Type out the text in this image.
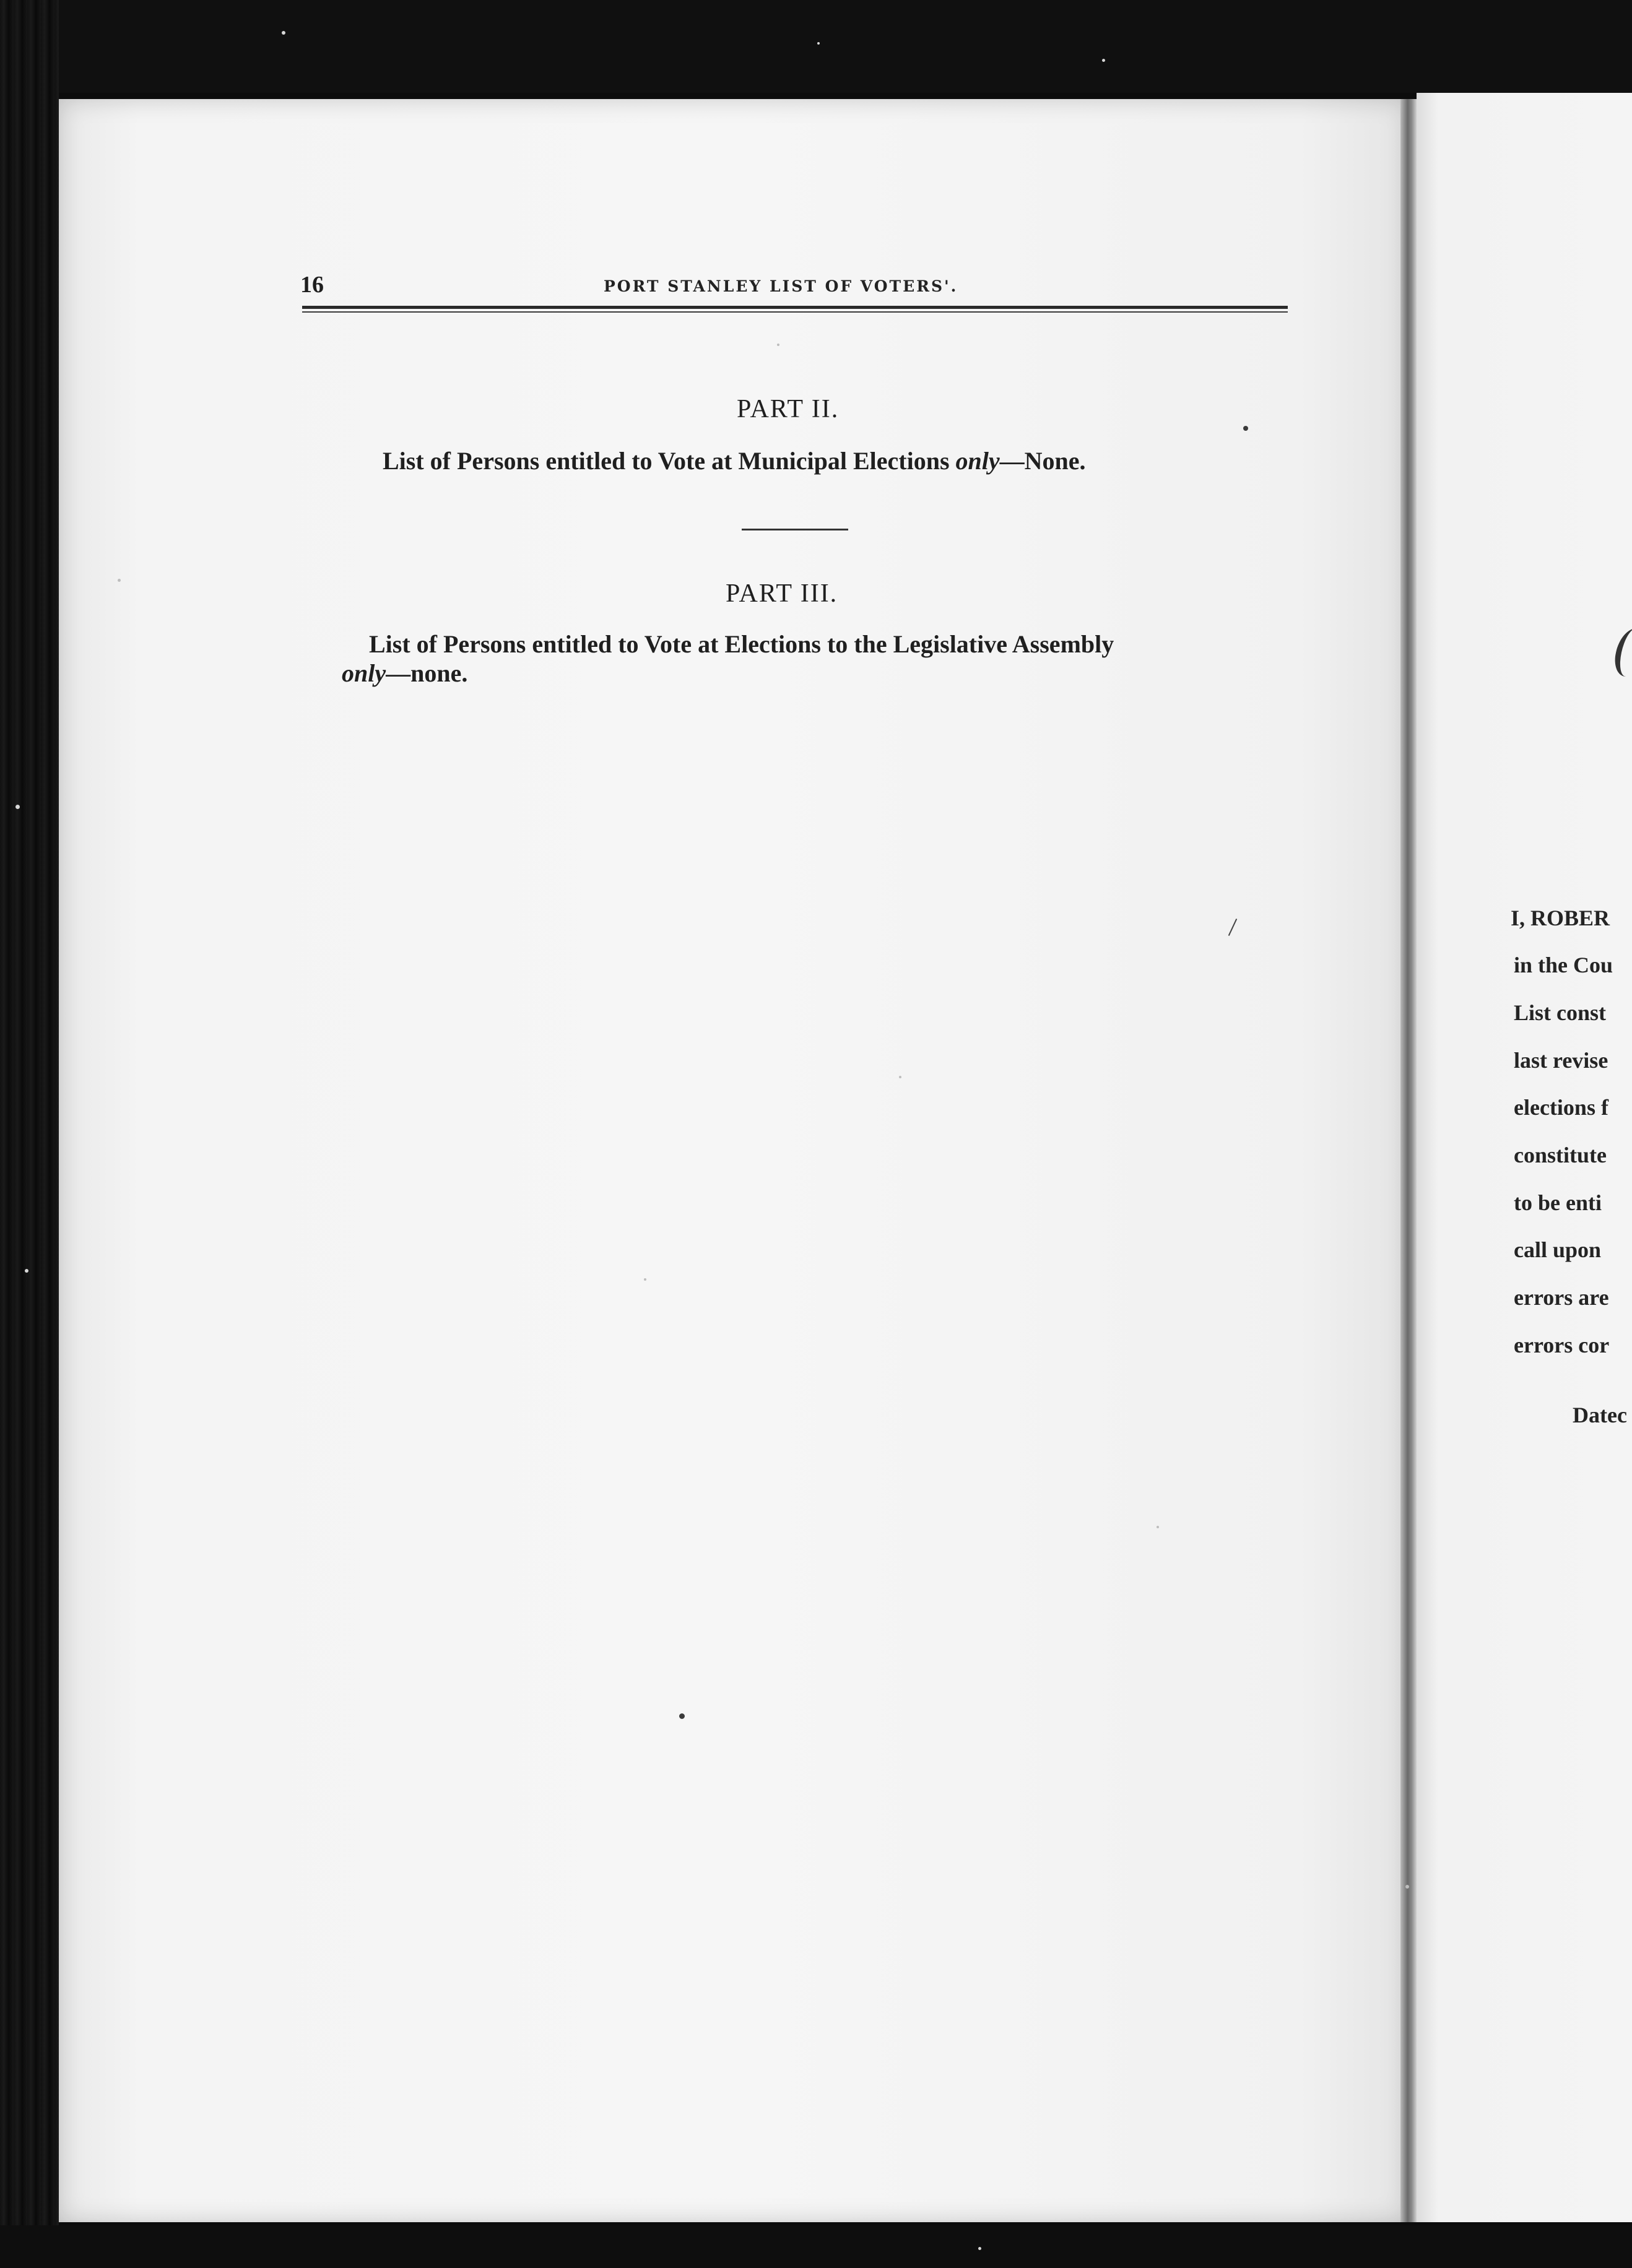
16	PORT STANLEY LIST OF VOTERS'.
PART II.
List of Persons entitled to Vote at Municipal Elections only—None.
PART III.
List of Persons entitled to Vote at Elections to the Legislative Assembly
only—none.
I, ROBER
in the Cou
List const
last revise
elections f
constitute
to be enti
call upon
errors are
errors cor
Datec
